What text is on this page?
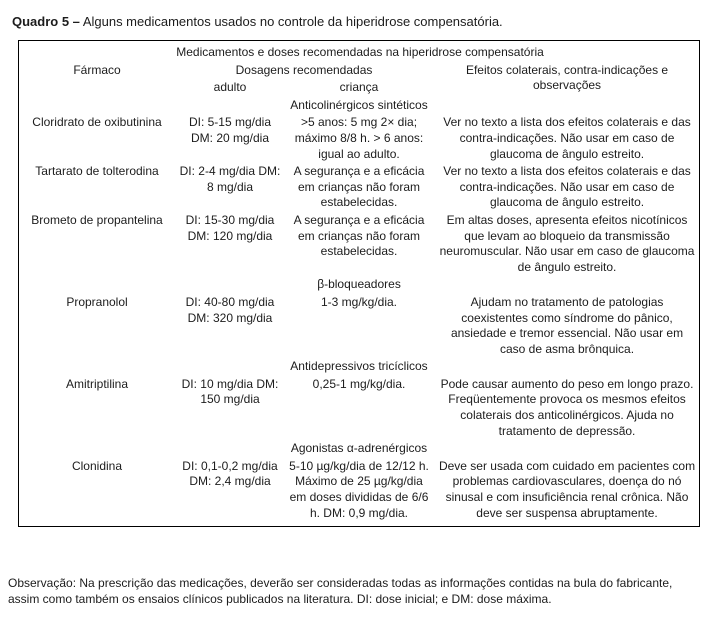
Quadro 5 – Alguns medicamentos usados no controle da hiperidrose compensatória.
Medicamentos e doses recomendadas na hiperidrose compensatória			
Fármaco	Dosagens recomendadas		Efeitos colaterais, contra-indicações e observações
	adulto	criança	
		Anticolinérgicos sintéticos	
Cloridrato de oxibutinina	DI: 5-15 mg/dia DM: 20 mg/dia	>5 anos: 5 mg 2× dia; máximo 8/8 h. > 6 anos: igual ao adulto.	Ver no texto a lista dos efeitos colaterais e das contra-indicações. Não usar em caso de glaucoma de ângulo estreito.
Tartarato de tolterodina	DI: 2-4 mg/dia DM: 8 mg/dia	A segurança e a eficácia em crianças não foram estabelecidas.	Ver no texto a lista dos efeitos colaterais e das contra-indicações. Não usar em caso de glaucoma de ângulo estreito.
Brometo de propantelina	DI: 15-30 mg/dia DM: 120 mg/dia	A segurança e a eficácia em crianças não foram estabelecidas.	Em altas doses, apresenta efeitos nicotínicos que levam ao bloqueio da transmissão neuromuscular. Não usar em caso de glaucoma de ângulo estreito.
		β-bloqueadores	
Propranolol	DI: 40-80 mg/dia DM: 320 mg/dia	1-3 mg/kg/dia.	Ajudam no tratamento de patologias coexistentes como síndrome do pânico, ansiedade e tremor essencial. Não usar em caso de asma brônquica.
		Antidepressivos tricíclicos	
Amitriptilina	DI: 10 mg/dia DM: 150 mg/dia	0,25-1 mg/kg/dia.	Pode causar aumento do peso em longo prazo. Freqüentemente provoca os mesmos efeitos colaterais dos anticolinérgicos. Ajuda no tratamento de depressão.
		Agonistas α-adrenérgicos	
Clonidina	DI: 0,1-0,2 mg/dia DM: 2,4 mg/dia	5-10 µg/kg/dia de 12/12 h. Máximo de 25 µg/kg/dia em doses divididas de 6/6 h. DM: 0,9 mg/dia.	Deve ser usada com cuidado em pacientes com problemas cardiovasculares, doença do nó sinusal e com insuficiência renal crônica. Não deve ser suspensa abruptamente.
Observação: Na prescrição das medicações, deverão ser consideradas todas as informações contidas na bula do fabricante, assim como também os ensaios clínicos publicados na literatura. DI: dose inicial; e DM: dose máxima.
